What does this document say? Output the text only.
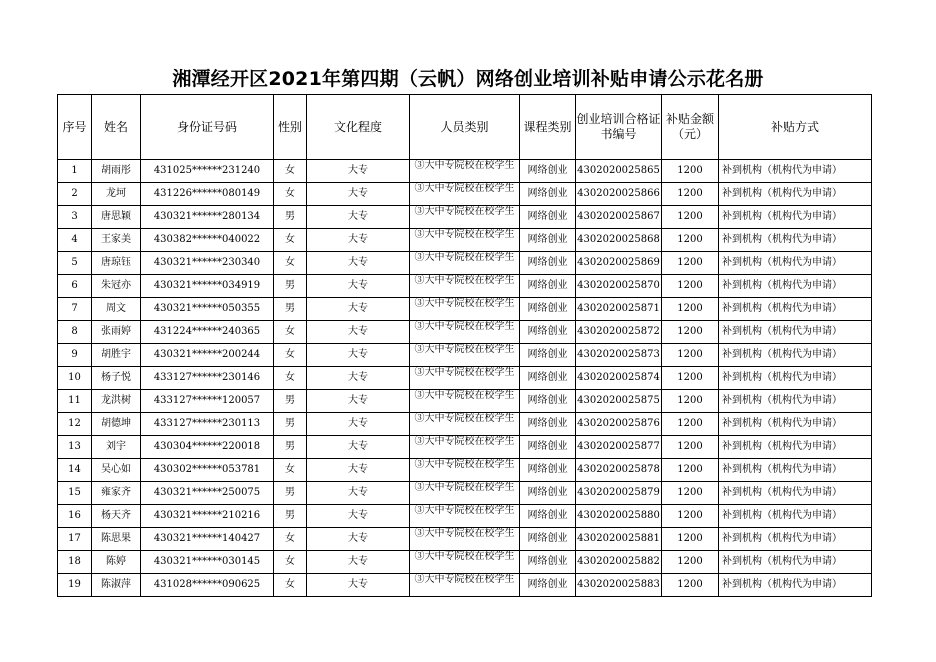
湘潭经开区2021年第四期（云帆）网络创业培训补贴申请公示花名册
序号	姓名	身份证号码	性别	文化程度	人员类别	课程类别	创业培训合格证书编号	补贴金额（元）	补贴方式
1	胡雨彤	431025******231240	女	大专	③大中专院校在校学生	网络创业	4302020025865	1200	补到机构（机构代为申请）
2	龙坷	431226******080149	女	大专	③大中专院校在校学生	网络创业	4302020025866	1200	补到机构（机构代为申请）
3	唐思颖	430321******280134	男	大专	③大中专院校在校学生	网络创业	4302020025867	1200	补到机构（机构代为申请）
4	王家美	430382******040022	女	大专	③大中专院校在校学生	网络创业	4302020025868	1200	补到机构（机构代为申请）
5	唐琼钰	430321******230340	女	大专	③大中专院校在校学生	网络创业	4302020025869	1200	补到机构（机构代为申请）
6	朱冠亦	430321******034919	男	大专	③大中专院校在校学生	网络创业	4302020025870	1200	补到机构（机构代为申请）
7	周文	430321******050355	男	大专	③大中专院校在校学生	网络创业	4302020025871	1200	补到机构（机构代为申请）
8	张雨婷	431224******240365	女	大专	③大中专院校在校学生	网络创业	4302020025872	1200	补到机构（机构代为申请）
9	胡胜宇	430321******200244	女	大专	③大中专院校在校学生	网络创业	4302020025873	1200	补到机构（机构代为申请）
10	杨子悦	433127******230146	女	大专	③大中专院校在校学生	网络创业	4302020025874	1200	补到机构（机构代为申请）
11	龙洪树	433127******120057	男	大专	③大中专院校在校学生	网络创业	4302020025875	1200	补到机构（机构代为申请）
12	胡德坤	433127******230113	男	大专	③大中专院校在校学生	网络创业	4302020025876	1200	补到机构（机构代为申请）
13	刘宇	430304******220018	男	大专	③大中专院校在校学生	网络创业	4302020025877	1200	补到机构（机构代为申请）
14	吴心如	430302******053781	女	大专	③大中专院校在校学生	网络创业	4302020025878	1200	补到机构（机构代为申请）
15	雍家齐	430321******250075	男	大专	③大中专院校在校学生	网络创业	4302020025879	1200	补到机构（机构代为申请）
16	杨天齐	430321******210216	男	大专	③大中专院校在校学生	网络创业	4302020025880	1200	补到机构（机构代为申请）
17	陈思果	430321******140427	女	大专	③大中专院校在校学生	网络创业	4302020025881	1200	补到机构（机构代为申请）
18	陈婷	430321******030145	女	大专	③大中专院校在校学生	网络创业	4302020025882	1200	补到机构（机构代为申请）
19	陈淑萍	431028******090625	女	大专	③大中专院校在校学生	网络创业	4302020025883	1200	补到机构（机构代为申请）
